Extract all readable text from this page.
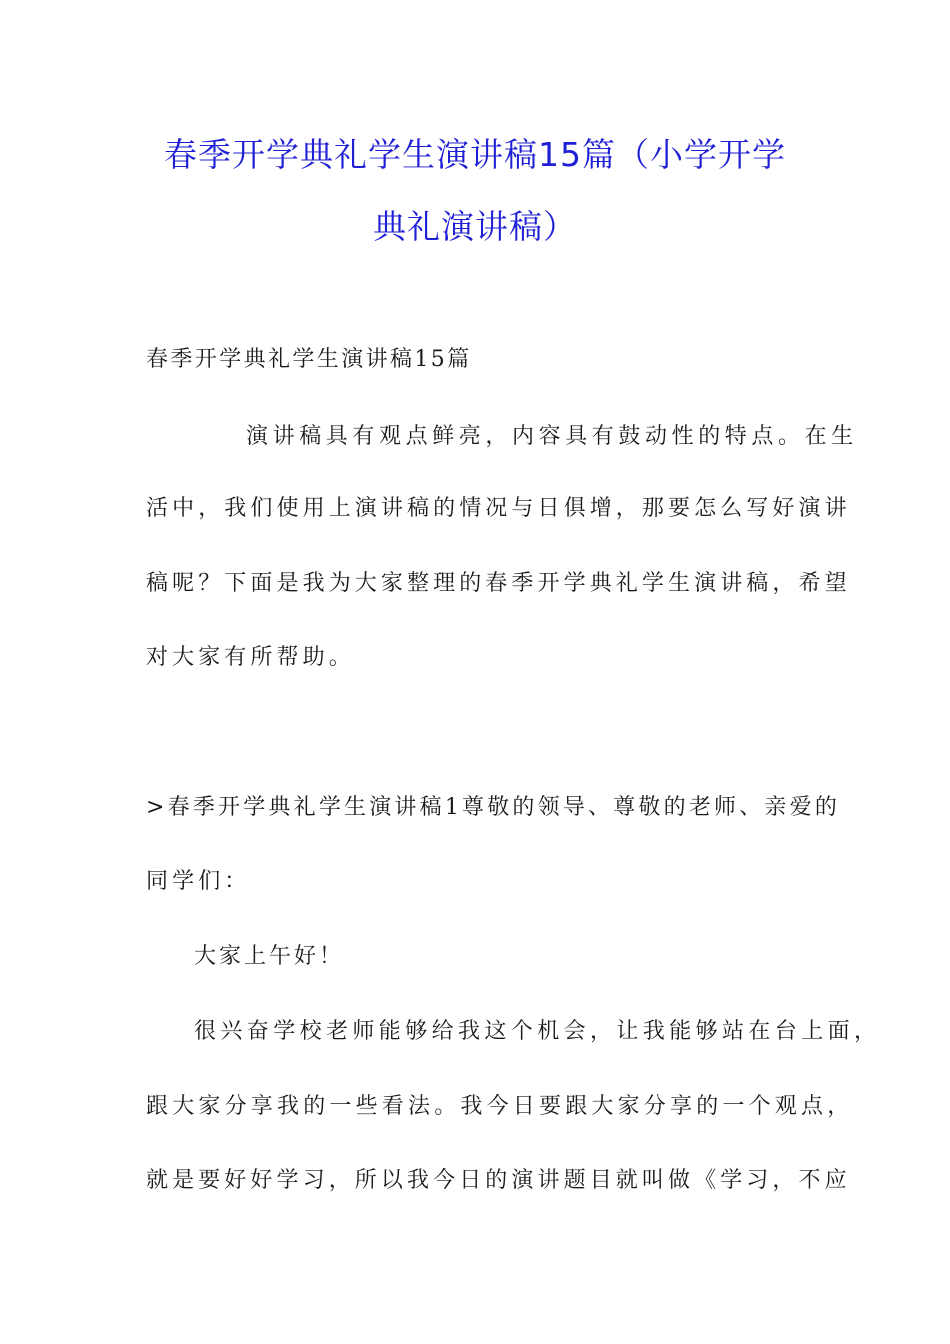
春季开学典礼学生演讲稿15篇（小学开学
典礼演讲稿）

春季开学典礼学生演讲稿15篇

演讲稿具有观点鲜亮，内容具有鼓动性的特点。在生

活中，我们使用上演讲稿的情况与日俱增，那要怎么写好演讲

稿呢？下面是我为大家整理的春季开学典礼学生演讲稿，希望

对大家有所帮助。

>春季开学典礼学生演讲稿1尊敬的领导、尊敬的老师、亲爱的

同学们：

大家上午好！

很兴奋学校老师能够给我这个机会，让我能够站在台上面，

跟大家分享我的一些看法。我今日要跟大家分享的一个观点，

就是要好好学习，所以我今日的演讲题目就叫做《学习，不应
